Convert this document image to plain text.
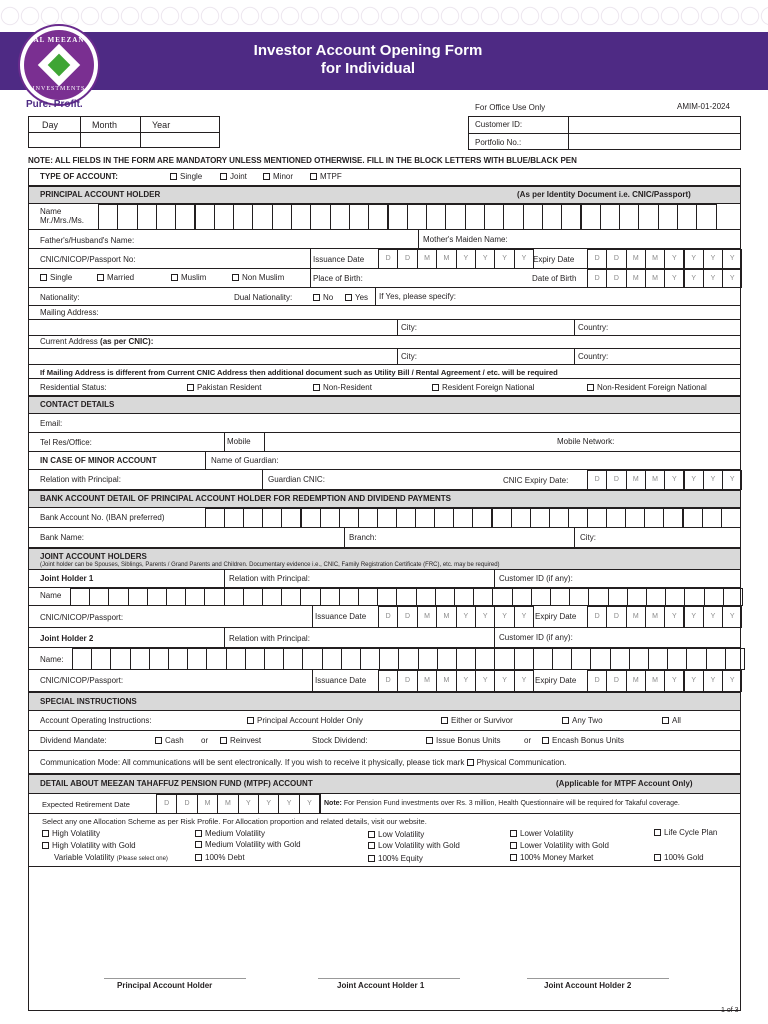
AL MEEZAN
INVESTMENTS
Investor Account Opening Form
for Individual
Pure. Profit.
Day	Month	Year
For Office Use Only	AMIM-01-2024
Customer ID:
Portfolio No.:
NOTE: ALL FIELDS IN THE FORM ARE MANDATORY UNLESS MENTIONED OTHERWISE. FILL IN THE BLOCK LETTERS WITH BLUE/BLACK PEN
TYPE OF ACCOUNT:	Single	Joint	Minor	MTPF
PRINCIPAL ACCOUNT HOLDER	(As per Identity Document i.e. CNIC/Passport)
Name
Mr./Mrs./Ms.
Father's/Husband's Name:	Mother's Maiden Name:
CNIC/NICOP/Passport No:	Issuance Date	Expiry Date
Single	Married	Muslim	Non Muslim	Place of Birth:	Date of Birth
Nationality:	Dual Nationality:	No	Yes If Yes, please specify:
Mailing Address:
City:	Country:
Current Address (as per CNIC):
City:	Country:
If Mailing Address is different from Current CNIC Address then additional document such as Utility Bill / Rental Agreement / etc. will be required
Residential Status:	Pakistan Resident	Non-Resident	Resident Foreign National	Non-Resident Foreign National
CONTACT DETAILS
Email:
Tel Res/Office:	Mobile	Mobile Network:
IN CASE OF MINOR ACCOUNT	Name of Guardian:
Relation with Principal:	Guardian CNIC:	CNIC Expiry Date:
BANK ACCOUNT DETAIL OF PRINCIPAL ACCOUNT HOLDER FOR REDEMPTION AND DIVIDEND PAYMENTS
Bank Account No. (IBAN preferred)
Bank Name:	Branch:	City:
JOINT ACCOUNT HOLDERS
(Joint holder can be Spouses, Siblings, Parents / Grand Parents and Children. Documentary evidence i.e., CNIC, Family Registration Certificate (FRC), etc. may be required)
Joint Holder 1	Relation with Principal:	Customer ID (if any):
Name
CNIC/NICOP/Passport:	Issuance Date	Expiry Date
Joint Holder 2	Relation with Principal:	Customer ID (if any):
Name:
CNIC/NICOP/Passport:	Issuance Date	Expiry Date
SPECIAL INSTRUCTIONS
Account Operating Instructions:	Principal Account Holder Only	Either or Survivor	Any Two	All
Dividend Mandate:	Cash or	Reinvest	Stock Dividend:	Issue Bonus Units	or	Encash Bonus Units
Communication Mode: All communications will be sent electronically. If you wish to receive it physically, please tick mark Physical Communication.
DETAIL ABOUT MEEZAN TAHAFFUZ PENSION FUND (MTPF) ACCOUNT	(Applicable for MTPF Account Only)
Expected Retirement Date	Note: For Pension Fund investments over Rs. 3 million, Health Questionnaire will be required for Takaful coverage.
Select any one Allocation Scheme as per Risk Profile. For Allocation proportion and related details, visit our website.
High Volatility	Medium Volatility	Low Volatility	Lower Volatility	Life Cycle Plan
High Volatility with Gold	Medium Volatility with Gold	Low Volatility with Gold	Lower Volatility with Gold
Variable Volatility (Please select one)	100% Debt	100% Equity	100% Money Market	100% Gold
Principal Account Holder	Joint Account Holder 1	Joint Account Holder 2
1 of 3
D	D	M	M	Y	Y	Y	Y	D	D	M	M	Y	Y	Y	Y
D	D	M	M	Y	Y	Y	Y
D	D	M	M	Y	Y	Y	Y
D	D	M	M	Y	Y	Y	Y	D	D	M	M	Y	Y	Y	Y
D	D	M	M	Y	Y	Y	Y	D	D	M	M	Y	Y	Y	Y
D	D	M	M	Y	Y	Y	Y
